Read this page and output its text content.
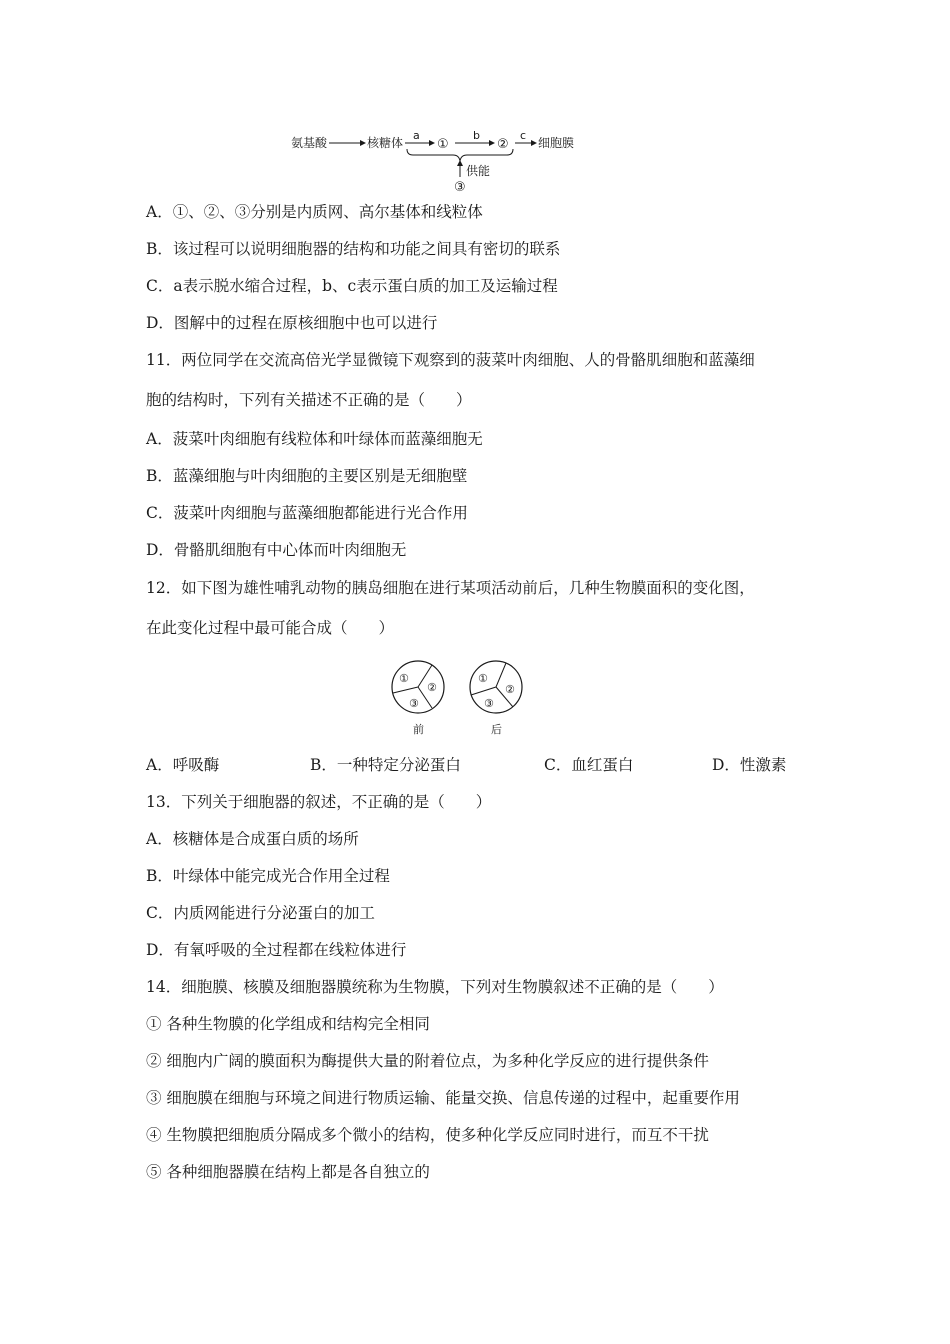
氨基酸	核糖体
a
①
b
②
c
细胞膜
供能
③
A．①、②、③分别是内质网、高尔基体和线粒体
B．该过程可以说明细胞器的结构和功能之间具有密切的联系
C．a表示脱水缩合过程，b、c表示蛋白质的加工及运输过程
D．图解中的过程在原核细胞中也可以进行
11．两位同学在交流高倍光学显微镜下观察到的菠菜叶肉细胞、人的骨骼肌细胞和蓝藻细
胞的结构时，下列有关描述不正确的是（　　）
A．菠菜叶肉细胞有线粒体和叶绿体而蓝藻细胞无
B．蓝藻细胞与叶肉细胞的主要区别是无细胞壁
C．菠菜叶肉细胞与蓝藻细胞都能进行光合作用
D．骨骼肌细胞有中心体而叶肉细胞无
12．如下图为雄性哺乳动物的胰岛细胞在进行某项活动前后，几种生物膜面积的变化图，
在此变化过程中最可能合成（　　）
①
②
③
前
①
②
③
后
A．呼吸酶	B．一种特定分泌蛋白	C．血红蛋白	D．性激素
13．下列关于细胞器的叙述，不正确的是（　　）
A．核糖体是合成蛋白质的场所
B．叶绿体中能完成光合作用全过程
C．内质网能进行分泌蛋白的加工
D．有氧呼吸的全过程都在线粒体进行
14．细胞膜、核膜及细胞器膜统称为生物膜，下列对生物膜叙述不正确的是（　　）
① 各种生物膜的化学组成和结构完全相同
② 细胞内广阔的膜面积为酶提供大量的附着位点，为多种化学反应的进行提供条件
③ 细胞膜在细胞与环境之间进行物质运输、能量交换、信息传递的过程中，起重要作用
④ 生物膜把细胞质分隔成多个微小的结构，使多种化学反应同时进行，而互不干扰
⑤ 各种细胞器膜在结构上都是各自独立的
